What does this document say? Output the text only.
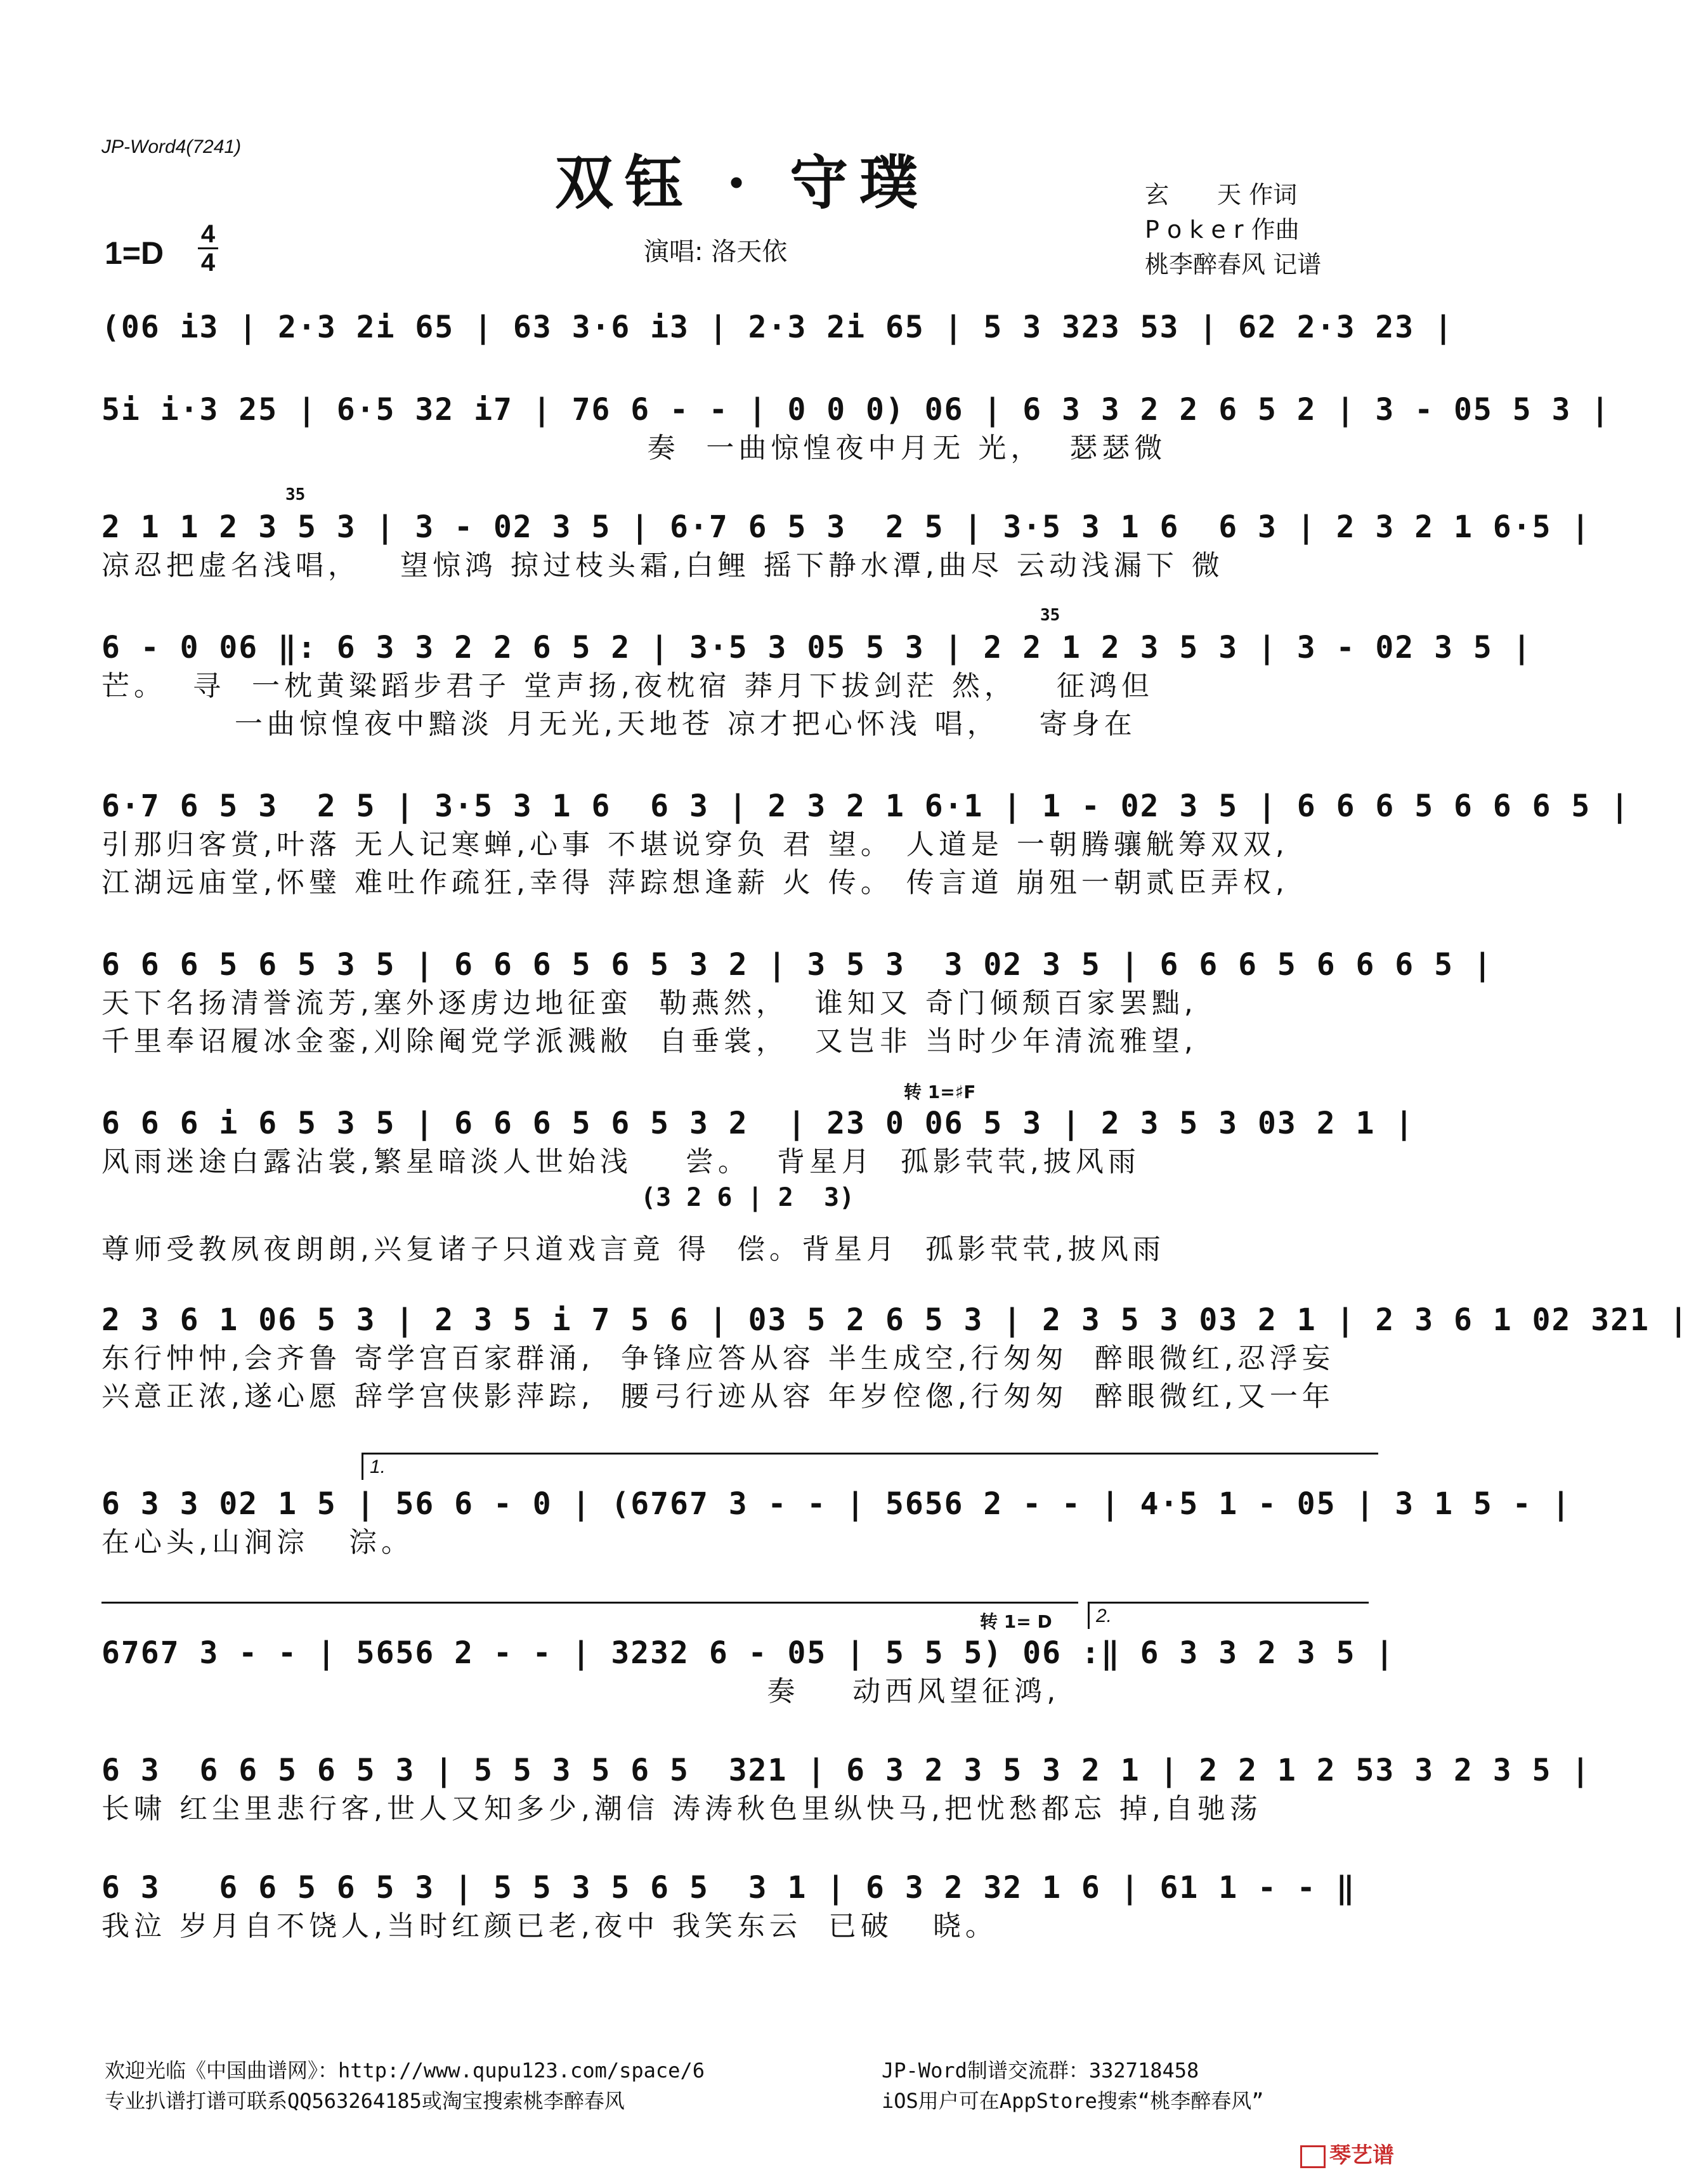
JP-Word4(7241)
双钰 · 守璞
1=D
4
4	演唱: 洛天依
玄　　天 作词
P o k e r 作曲
桃李醉春风 记谱
(06 i3 | 2·3 2i 65 | 63 3·6 i3 | 2·3 2i 65 | 5 3 323 53 | 62 2·3 23 |
5i i·3 25 | 6·5 32 i7 | 76 6 - - | 0 0 0) 06 | 6 3 3 2 2 6 5 2 | 3 - 05 5 3 |
奏  一曲惊惶夜中月无 光，  瑟瑟微
35
2 1 1 2 3 5 3 | 3 - 02 3 5 | 6·7 6 5 3  2 5 | 3·5 3 1 6  6 3 | 2 3 2 1 6·5 |
凉忍把虚名浅唱，   望惊鸿 掠过枝头霜,白鲤 摇下静水潭,曲尽 云动浅漏下 微
35
6 - 0 06 ‖: 6 3 3 2 2 6 5 2 | 3·5 3 05 5 3 | 2 2 1 2 3 5 3 | 3 - 02 3 5 |
芒。  寻  一枕黄粱蹈步君子 堂声扬,夜枕宿 莽月下拔剑茫 然，   征鸿但
一曲惊惶夜中黯淡 月无光,天地苍 凉才把心怀浅 唱，   寄身在
6·7 6 5 3  2 5 | 3·5 3 1 6  6 3 | 2 3 2 1 6·1 | 1 - 02 3 5 | 6 6 6 5 6 6 6 5 |
引那归客赏,叶落 无人记寒蝉,心事 不堪说穿负 君 望。 人道是 一朝腾骧觥筹双双,
江湖远庙堂,怀璧 难吐作疏狂,幸得 萍踪想逢薪 火 传。 传言道 崩殂一朝贰臣弄权,
6 6 6 5 6 5 3 5 | 6 6 6 5 6 5 3 2 | 3 5 3  3 02 3 5 | 6 6 6 5 6 6 6 5 |
天下名扬清誉流芳,塞外逐虏边地征蛮  勒燕然，  谁知又 奇门倾颓百家罢黜,
千里奉诏履冰金銮,刈除阉党学派溅敝  自垂裳，  又岂非 当时少年清流雅望,
转 1=♯F
6 6 6 i 6 5 3 5 | 6 6 6 5 6 5 3 2  | 23 0 06 5 3 | 2 3 5 3 03 2 1 |
风雨迷途白露沾裳,繁星暗淡人世始浅    尝。  背星月  孤影茕茕,披风雨
(3 2 6 | 2  3)
尊师受教夙夜朗朗,兴复诸子只道戏言竟 得  偿。背星月  孤影茕茕,披风雨
2 3 6 1 06 5 3 | 2 3 5 i 7 5 6 | 03 5 2 6 5 3 | 2 3 5 3 03 2 1 | 2 3 6 1 02 321 |
东行忡忡,会齐鲁 寄学宫百家群涌,  争锋应答从容 半生成空,行匆匆  醉眼微红,忍浮妄
兴意正浓,遂心愿 辞学宫侠影萍踪,  腰弓行迹从容 年岁倥偬,行匆匆  醉眼微红,又一年
1.
6 3 3 02 1 5 | 56 6 - 0 | (6767 3 - - | 5656 2 - - | 4·5 1 - 05 | 3 1 5 - |
在心头,山涧淙   淙。
2.
转 1= D
6767 3 - - | 5656 2 - - | 3232 6 - 05 | 5 5 5) 06 :‖ 6 3 3 2 3 5 |
奏    动西风望征鸿,
6 3  6 6 5 6 5 3 | 5 5 3 5 6 5  321 | 6 3 2 3 5 3 2 1 | 2 2 1 2 53 3 2 3 5 |
长啸 红尘里悲行客,世人又知多少,潮信 涛涛秋色里纵快马,把忧愁都忘 掉,自驰荡
6 3   6 6 5 6 5 3 | 5 5 3 5 6 5  3 1 | 6 3 2 32 1 6 | 61 1 - - ‖
我泣 岁月自不饶人,当时红颜已老,夜中 我笑东云  已破   晓。
欢迎光临《中国曲谱网》：http://www.qupu123.com/space/6
专业扒谱打谱可联系QQ563264185或淘宝搜索桃李醉春风
JP-Word制谱交流群：332718458
iOS用户可在AppStore搜索“桃李醉春风”
琴艺谱
